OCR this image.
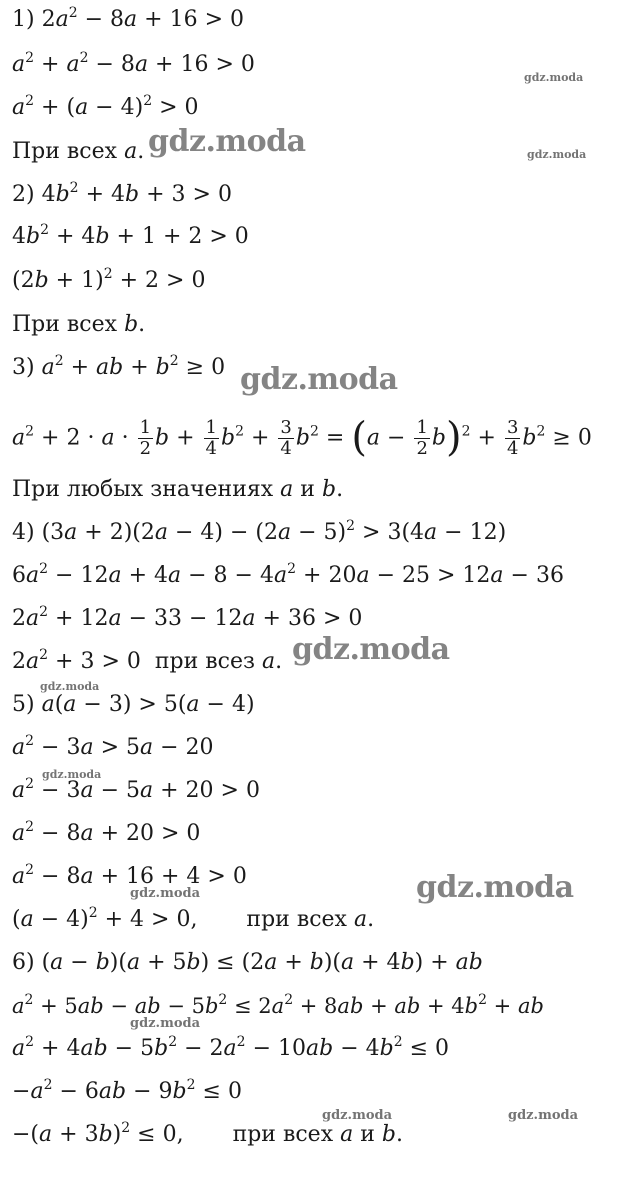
1) $2a^2 - 8a + 16 > 0$
$a^2 + a^2 - 8a + 16 > 0$
$a^2 + (a - 4)^2 > 0$
При всех a.
2) $4b^2 + 4b + 3 > 0$
$4b^2 + 4b + 1 + 2 > 0$
$(2b + 1)^2 + 2 > 0$
При всех b.
3) $a^2$ + ab + $b^2 \ge 0$
$a^2 + 2 \cdot a \cdot \frac{1}{2}$ $b + \frac{1}{4} b^2 + \frac{3}{4} b^2 = (a - \frac{1}{2} b)^2 + \frac{3}{4} b^2 \ge 0$
При любых значениях a и b.
4) $(3a + 2)(2a - 4) - (2a - 5)^2 > 3(4a - 12)$
$6a^2 - 12a + 4a - 8 - 4a^2 + 20a - 25 > 12a - 36$
$2a^2 + 12a - 33 - 12a + 36 > 0$
$2a^2 + 3 > 0$  при всез a.
5) a(a − 3) > 5(a − 4)
$a^2 - 3a > 5a - 20$
$a^2 - 3a - 5a + 20 > 0$
$a^2 - 8a + 20 > 0$
$a^2 - 8a + 16 + 4 > 0$
$(a - 4)^2 + 4 > 0$,       при всех a.
6) (a − b)(a + 5b) ≤ (2a + b)(a + 4b) + ab
$a^2 + 5ab$ − ab − $5b^2 \le 2a^2 + 8ab$ + ab + $4b^2$ + ab
$a^2 + 4ab - 5b^2 - 2a^2 - 10ab - 4b^2 \le 0$
$-a^2 - 6ab - 9b^2 \le 0$
$-(a + 3b)^2 \le 0$,       при всех a и b.
gdz.moda
gdz.moda
gdz.moda
gdz.moda
gdz.moda
gdz.moda
gdz.moda
gdz.moda
gdz.moda
gdz.moda
gdz.moda	gdz.moda
